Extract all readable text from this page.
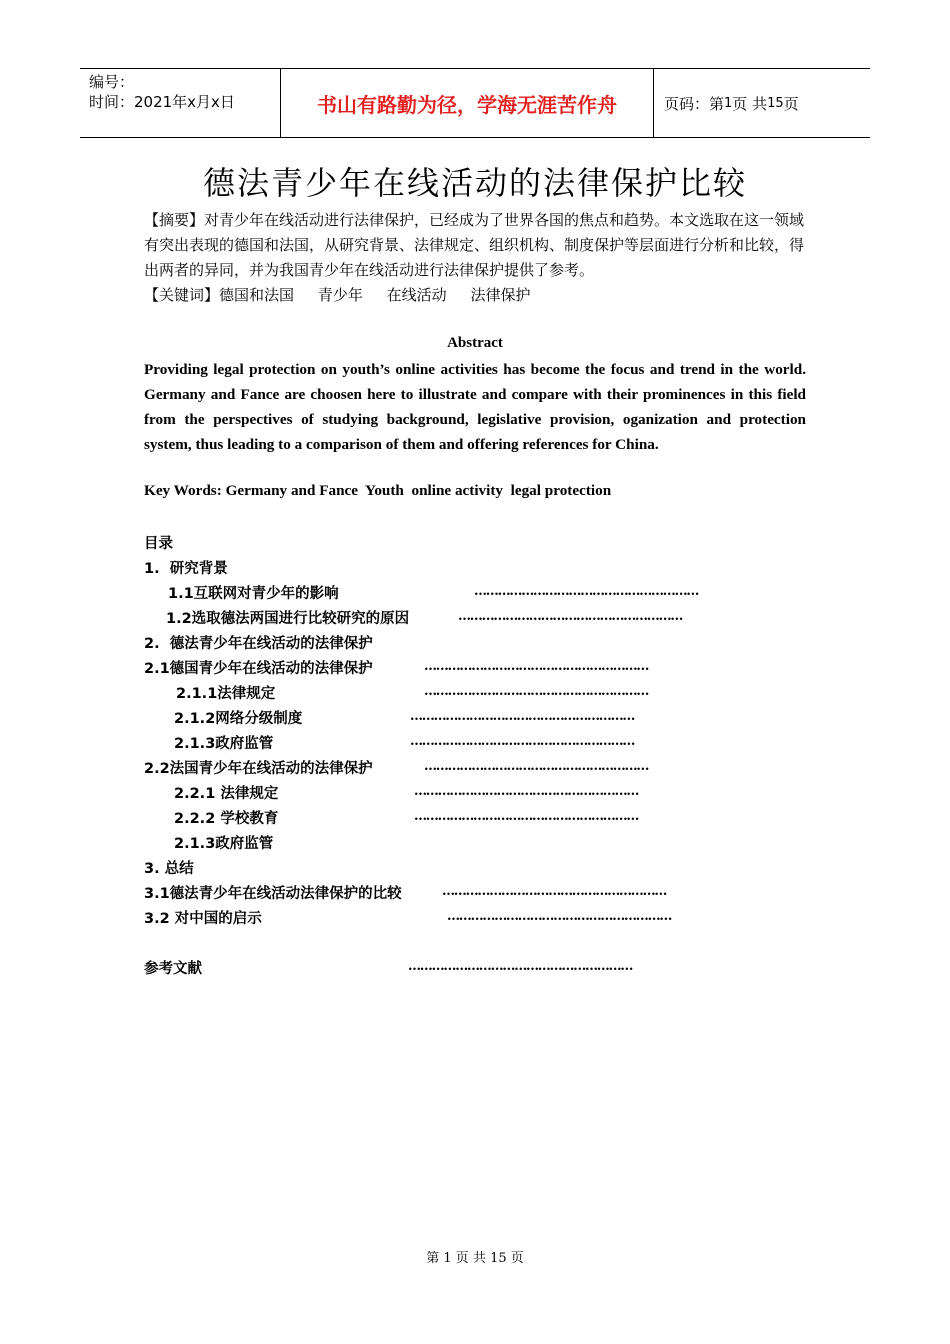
编号：
时间：2021年x月x日	书山有路勤为径，学海无涯苦作舟	页码：第 1 页 共 15 页
德法青少年在线活动的法律保护比较
【摘要】对青少年在线活动进行法律保护，已经成为了世界各国的焦点和趋势。本文选取在这一领域有突出表现的德国和法国，从研究背景、法律规定、组织机构、制度保护等层面进行分析和比较，得出两者的异同，并为我国青少年在线活动进行法律保护提供了参考。
【关键词】德国和法国     青少年     在线活动     法律保护
Abstract
Providing legal protection on youth’s online activities has become the focus and trend in the world. Germany and Fance are choosen here to illustrate and compare with their prominences in this field from the perspectives of studying background, legislative provision, oganization and protection system, thus leading to a comparison of them and offering references for China.
Key Words: Germany and Fance  Youth  online activity  legal protection
目录
1.  研究背景
1.1互联网对青少年的影响	…………………………………………………
1.2选取德法两国进行比较研究的原因	…………………………………………………
2.  德法青少年在线活动的法律保护
2.1德国青少年在线活动的法律保护	…………………………………………………
2.1.1法律规定	…………………………………………………
2.1.2网络分级制度	…………………………………………………
2.1.3政府监管	…………………………………………………
2.2法国青少年在线活动的法律保护	…………………………………………………
2.2.1 法律规定	…………………………………………………
2.2.2 学校教育	…………………………………………………
2.1.3政府监管
3. 总结
3.1德法青少年在线活动法律保护的比较	…………………………………………………
3.2 对中国的启示	…………………………………………………
参考文献	…………………………………………………
第 1 页 共 15 页
